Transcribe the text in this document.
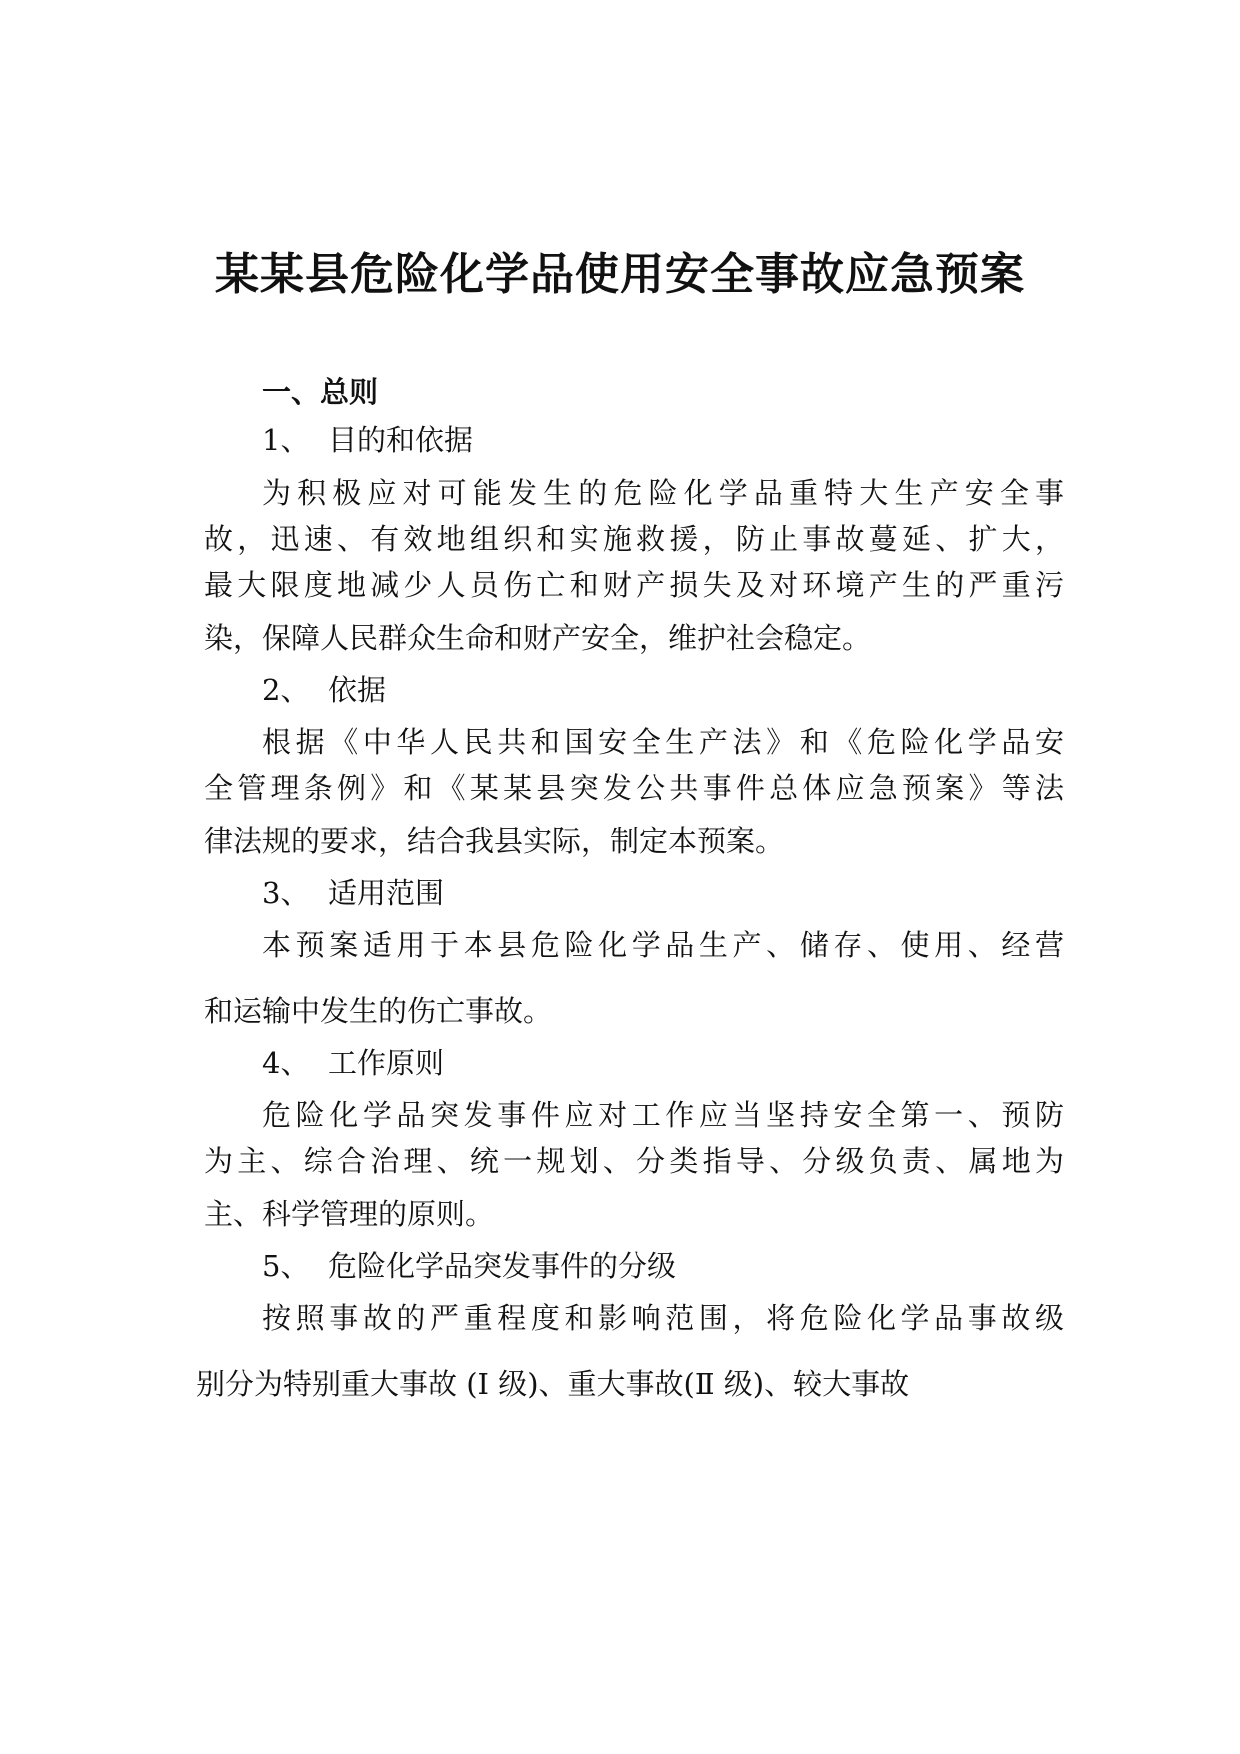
某某县危险化学品使用安全事故应急预案
一、总则
1、 目的和依据
为积极应对可能发生的危险化学品重特大生产安全事
故，迅速、有效地组织和实施救援，防止事故蔓延、扩大，
最大限度地减少人员伤亡和财产损失及对环境产生的严重污
染，保障人民群众生命和财产安全，维护社会稳定。
2、 依据
根据《中华人民共和国安全生产法》和《危险化学品安
全管理条例》和《某某县突发公共事件总体应急预案》等法
律法规的要求，结合我县实际，制定本预案。
3、 适用范围
本预案适用于本县危险化学品生产、储存、使用、经营
和运输中发生的伤亡事故。
4、 工作原则
危险化学品突发事件应对工作应当坚持安全第一、预防
为主、综合治理、统一规划、分类指导、分级负责、属地为
主、科学管理的原则。
5、 危险化学品突发事件的分级
按照事故的严重程度和影响范围，将危险化学品事故级
别分为特别重大事故 (I 级)、重大事故(Ⅱ 级)、较大事故
